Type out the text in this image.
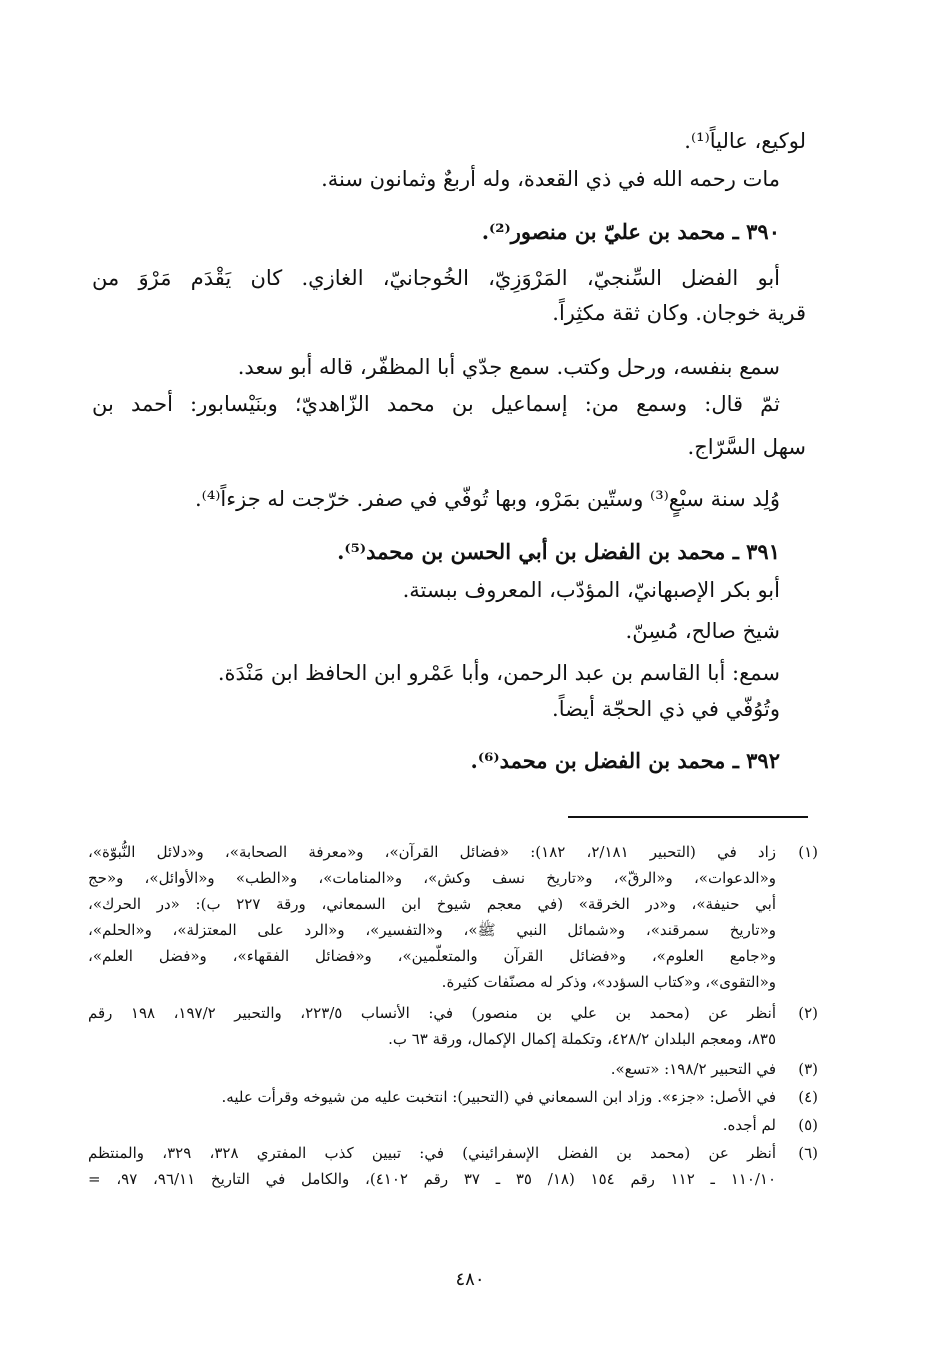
لوكيع، عالياً⁽¹⁾.
مات رحمه الله في ذي القعدة، وله أربعٌ وثمانون سنة.
٣٩٠ ـ محمد بن عليّ بن منصور⁽²⁾.
أبو الفضل السِّنجيّ، المَرْوَزِيّ، الخُوجانيّ، الغازي. كان يَقْدَم مَرْوَ من
قرية خوجان. وكان ثقة مكثِراً.
سمع بنفسه، ورحل وكتب. سمع جدّي أبا المظفّر، قاله أبو سعد.
ثمّ قال: وسمع من: إسماعيل بن محمد الزّاهديّ؛ وبنَيْسابور: أحمد بن
سهل السَّرّاج.
وُلِد سنة سبْعٍ⁽³⁾ وستّين بمَرْو، وبها تُوفّي في صفر. خرّجت له جزءاً⁽⁴⁾.
٣٩١ ـ محمد بن الفضل بن أبي الحسن بن محمد⁽⁵⁾.
أبو بكر الإصبهانيّ، المؤدّب، المعروف ببستة.
شيخ صالح، مُسِنّ.
سمع: أبا القاسم بن عبد الرحمن، وأبا عَمْرو ابن الحافظ ابن مَنْدَة.
وتُوُفّي في ذي الحجّة أيضاً.
٣٩٢ ـ محمد بن الفضل بن محمد⁽⁶⁾.
(١)
زاد في (التحبير ٢/١٨١، ١٨٢): «فضائل القرآن»، و«معرفة الصحابة»، و«دلائل النُّبوّة»،
و«الدعوات»، و«الرقّ»، و«تاريخ نسف وكش»، و«المنامات»، و«الطب» و«الأوائل»، و«حج
أبي حنيفة»، و«در الخرقة» (في معجم شيوخ ابن السمعاني، ورقة ٢٢٧ ب): «در الحرك»،
و«تاريخ سمرقند»، و«شمائل النبي ﷺ»، و«التفسير»، و«الرد على المعتزلة»، و«الحلم»،
و«جامع العلوم»، و«فضائل القرآن والمتعلّمين»، و«فضائل الفقهاء»، و«فضل العلم»،
و«التقوى»، و«كتاب السؤدد»، وذكر له مصنّفات كثيرة.
(٢)
أنظر عن (محمد بن علي بن منصور) في: الأنساب ٢٢٣/٥، والتحبير ١٩٧/٢، ١٩٨ رقم
٨٣٥، ومعجم البلدان ٤٢٨/٢، وتكملة إكمال الإكمال، ورقة ٦٣ ب.
(٣)
في التحبير ١٩٨/٢: «تسع».
(٤)
في الأصل: «جزء». وزاد ابن السمعاني في (التحبير): انتخبت عليه من شيوخه وقرأت عليه.
(٥)
لم أجده.
(٦)
أنظر عن (محمد بن الفضل الإسفرائيني) في: تبيين كذب المفتري ٣٢٨، ٣٢٩، والمنتظم
١١٠/١٠ ـ ١١٢ رقم ١٥٤ (١٨/ ٣٥ ـ ٣٧ رقم ٤١٠٢)، والكامل في التاريخ ٩٦/١١، ٩٧، =
٤٨٠
